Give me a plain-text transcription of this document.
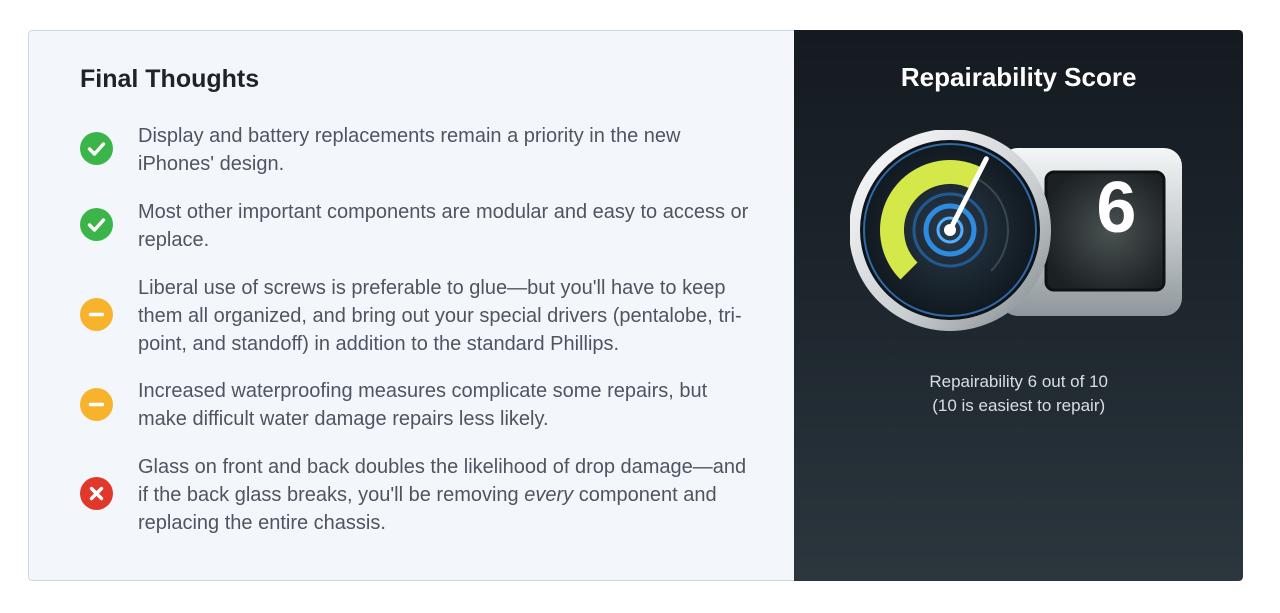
Final Thoughts
Display and battery replacements remain a priority in the new iPhones' design.
Most other important components are modular and easy to access or replace.
Liberal use of screws is preferable to glue—but you'll have to keep them all organized, and bring out your special drivers (pentalobe, tri-point, and standoff) in addition to the standard Phillips.
Increased waterproofing measures complicate some repairs, but make difficult water damage repairs less likely.
Glass on front and back doubles the likelihood of drop damage—and if the back glass breaks, you'll be removing every component and replacing the entire chassis.
Repairability Score
6
Repairability 6 out of 10
(10 is easiest to repair)
